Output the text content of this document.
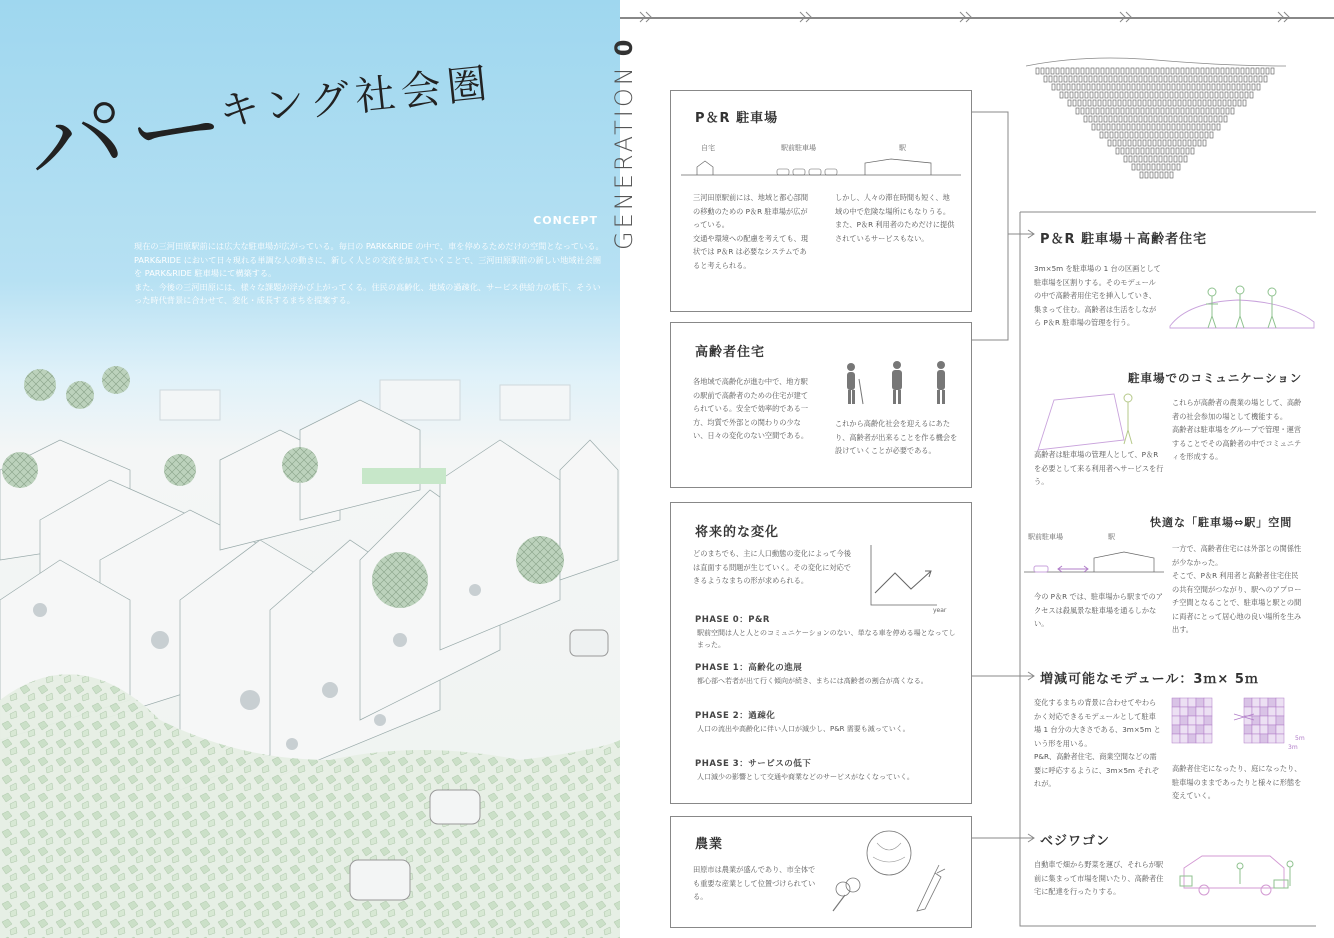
パー
キング社会圏
CONCEPT

現在の三河田原駅前には広大な駐車場が広がっている。毎日の PARK&RIDE の中で、車を停めるためだけの空間となっている。

PARK&RIDE において日々現れる単調な人の動きに、新しく人との交流を加えていくことで、三河田原駅前の新しい地域社会圏を PARK&RIDE 駐車場にて構築する。

また、今後の三河田原には、様々な課題が浮かび上がってくる。住民の高齢化、地域の過疎化、サービス供給力の低下、そういった時代背景に合わせて、変化・成長するまちを提案する。

GENERATION0
P＆R 駐車場
自宅	駅前駐車場	駅

三河田原駅前には、地域と都心部間の移動のための P＆R 駐車場が広がっている。

交通や環境への配慮を考えても、現状では P＆R は必要なシステムであると考えられる。

しかし、人々の滞在時間も短く、地域の中で危険な場所にもなりうる。

また、P＆R 利用者のためだけに提供されているサービスもない。

高齢者住宅

各地域で高齢化が進む中で、地方駅の駅前で高齢者のための住宅が建てられている。安全で効率的である一方、均質で外部との関わりの少ない、日々の変化のない空間である。

これから高齢化社会を迎えるにあたり、高齢者が出来ることを作る機会を設けていくことが必要である。

将来的な変化

どのまちでも、主に人口動態の変化によって今後は直面する問題が生じていく。その変化に対応できるようなまちの形が求められる。

year
PHASE 0：P&R
駅前空間は人と人とのコミュニケーションのない、単なる車を停める場となってしまった。
PHASE 1：高齢化の進展
都心部へ若者が出て行く傾向が続き、まちには高齢者の割合が高くなる。
PHASE 2：過疎化
人口の流出や高齢化に伴い人口が減少し、P&R 需要も減っていく。
PHASE 3：サービスの低下
人口減少の影響として交通や商業などのサービスがなくなっていく。
農業

田原市は農業が盛んであり、市全体でも重要な産業として位置づけられている。

P＆R 駐車場＋高齢者住宅

3m×5m を駐車場の 1 台の区画として駐車場を区割りする。そのモデュールの中で高齢者用住宅を挿入していき、集まって住む。高齢者は生活をしながら P＆R 駐車場の管理を行う。

駐車場でのコミュニケーション

高齢者は駐車場の管理人として、P＆R を必要として来る利用者へサービスを行う。

これらが高齢者の農業の場として、高齢者の社会参加の場として機能する。

高齢者は駐車場をグループで管理・運営することでその高齢者の中でコミュニティを形成する。

快適な「駐車場⇔駅」空間
駅前駐車場	駅

今の P＆R では、駐車場から駅までのアクセスは殺風景な駐車場を通るしかない。

一方で、高齢者住宅には外部との関係性が少なかった。

そこで、P＆R 利用者と高齢者住宅住民の共有空間がつながり、駅へのアプローチ空間となることで、駐車場と駅との間に両者にとって居心地の良い場所を生み出す。

増減可能なモデュール：3ｍ× 5ｍ

変化するまちの背景に合わせてやわらかく対応できるモデュールとして駐車場 1 台分の大きさである、3m×5m という形を用いる。

P&R、高齢者住宅、商業空間などの需要に呼応するように、3m×5m それぞれが。

5m
3m

高齢者住宅になったり、庭になったり、駐車場のままであったりと様々に形態を変えていく。

ベジワゴン

自動車で畑から野菜を運び、それらが駅前に集まって市場を開いたり、高齢者住宅に配達を行ったりする。
